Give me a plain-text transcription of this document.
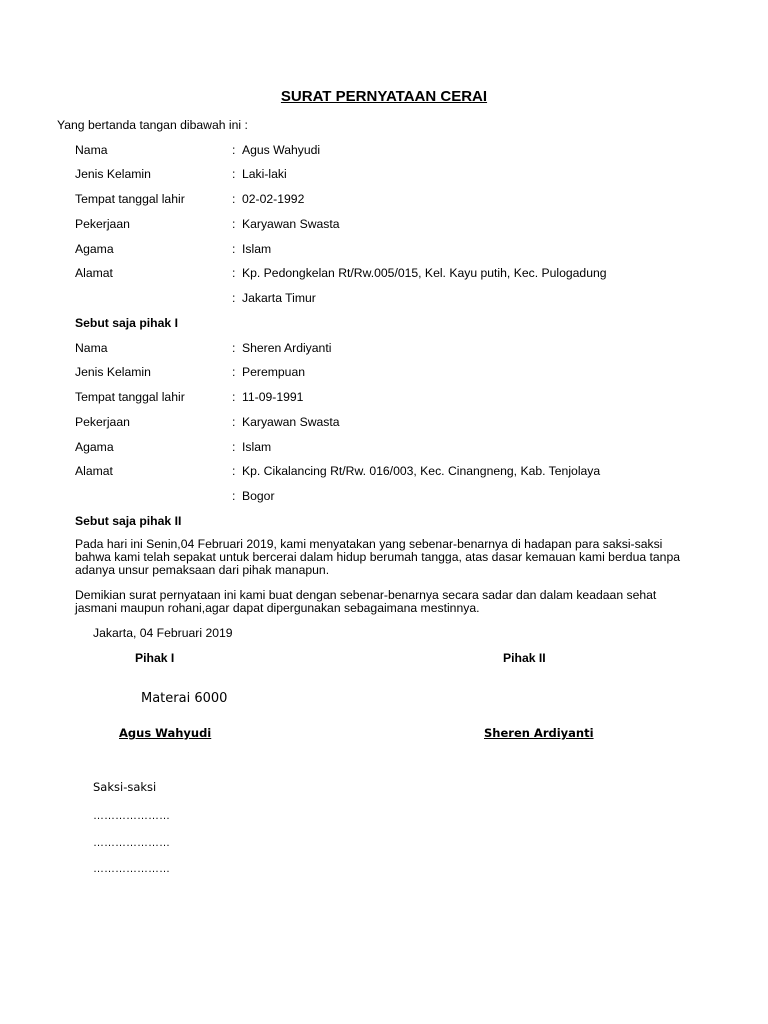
SURAT PERNYATAAN CERAI
Yang bertanda tangan dibawah ini :
Nama	: Agus Wahyudi
Jenis Kelamin	: Laki-laki
Tempat tanggal lahir	: 02-02-1992
Pekerjaan	: Karyawan Swasta
Agama	: Islam
Alamat	: Kp. Pedongkelan Rt/Rw.005/015, Kel. Kayu putih, Kec. Pulogadung
: Jakarta Timur
Sebut saja pihak I
Nama	: Sheren Ardiyanti
Jenis Kelamin	: Perempuan
Tempat tanggal lahir	: 11-09-1991
Pekerjaan	: Karyawan Swasta
Agama	: Islam
Alamat	: Kp. Cikalancing Rt/Rw. 016/003, Kec. Cinangneng, Kab. Tenjolaya
: Bogor
Sebut saja pihak II
Pada hari ini Senin,04 Februari 2019, kami menyatakan yang sebenar-benarnya di hadapan para saksi-saksi bahwa kami telah sepakat untuk bercerai dalam hidup berumah tangga, atas dasar kemauan kami berdua tanpa adanya unsur pemaksaan dari pihak manapun.
Demikian surat pernyataan ini kami buat dengan sebenar-benarnya secara sadar dan dalam keadaan sehat jasmani maupun rohani,agar dapat dipergunakan sebagaimana mestinnya.
Jakarta, 04 Februari 2019
Pihak I	Pihak II
Materai 6000
Agus Wahyudi	Sheren Ardiyanti
Saksi-saksi
…………………
…………………
…………………
